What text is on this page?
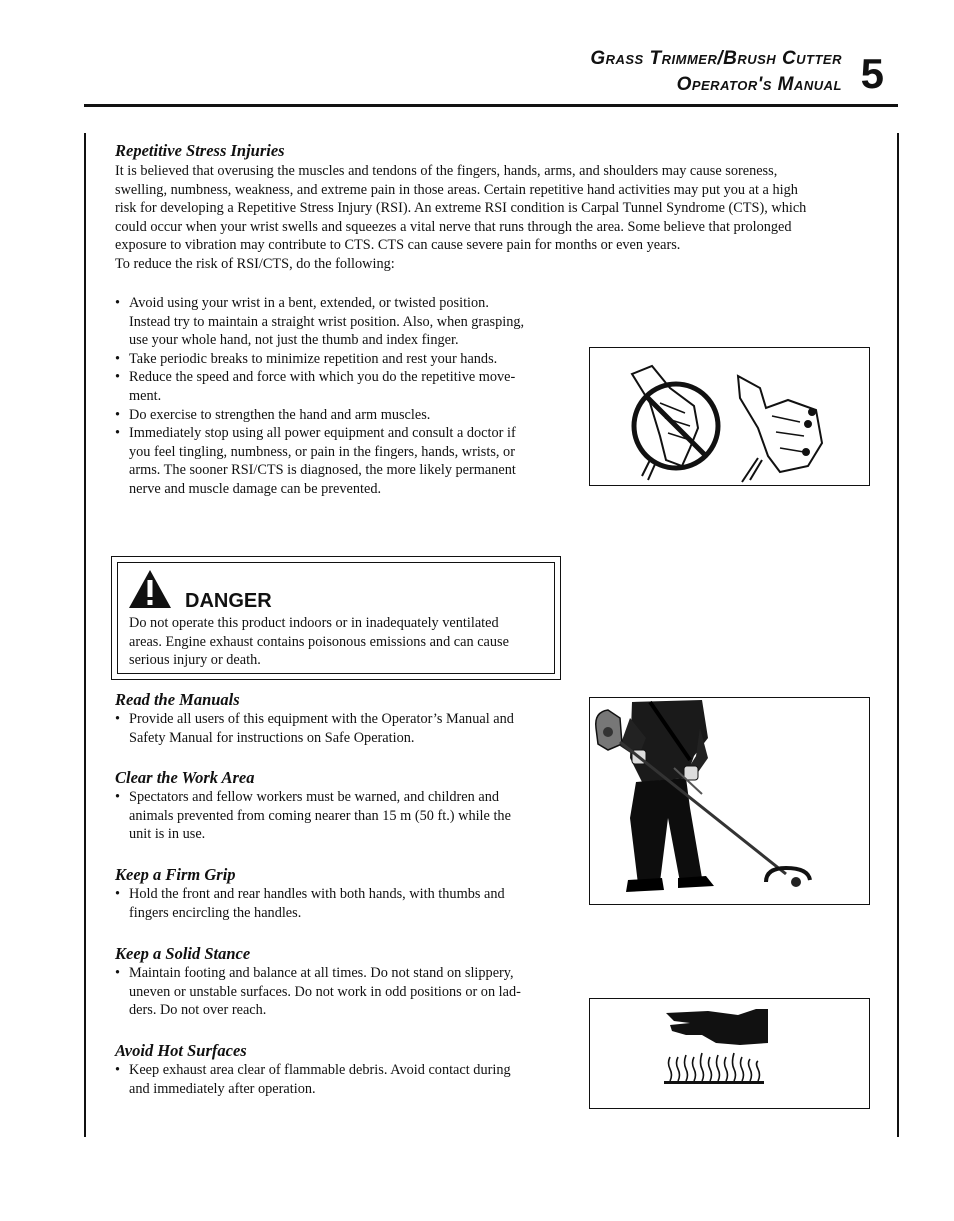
Grass Trimmer/Brush Cutter
Operator's Manual 5
Repetitive Stress Injuries
It is believed that overusing the muscles and tendons of the fingers, hands, arms, and shoulders may cause soreness,
swelling, numbness, weakness, and extreme pain in those areas. Certain repetitive hand activities may put you at a high
risk for developing a Repetitive Stress Injury (RSI). An extreme RSI condition is Carpal Tunnel Syndrome (CTS), which
could occur when your wrist swells and squeezes a vital nerve that runs through the area. Some believe that prolonged
exposure to vibration may contribute to CTS. CTS can cause severe pain for months or even years.
To reduce the risk of RSI/CTS, do the following:
• Avoid using your wrist in a bent, extended, or twisted position.
Instead try to maintain a straight wrist position. Also, when grasping,
use your whole hand, not just the thumb and index finger.
• Take periodic breaks to minimize repetition and rest your hands.
• Reduce the speed and force with which you do the repetitive move-
ment.
• Do exercise to strengthen the hand and arm muscles.
• Immediately stop using all power equipment and consult a doctor if
you feel tingling, numbness, or pain in the fingers, hands, wrists, or
arms. The sooner RSI/CTS is diagnosed, the more likely permanent
nerve and muscle damage can be prevented.
DANGER
Do not operate this product indoors or in inadequately ventilated
areas. Engine exhaust contains poisonous emissions and can cause
serious injury or death.
Read the Manuals
• Provide all users of this equipment with the Operator’s Manual and
Safety Manual for instructions on Safe Operation.
Clear the Work Area
• Spectators and fellow workers must be warned, and children and
animals prevented from coming nearer than 15 m (50 ft.) while the
unit is in use.
Keep a Firm Grip
• Hold the front and rear handles with both hands, with thumbs and
fingers encircling the handles.
Keep a Solid Stance
• Maintain footing and balance at all times. Do not stand on slippery,
uneven or unstable surfaces. Do not work in odd positions or on lad-
ders. Do not over reach.
Avoid Hot Surfaces
• Keep exhaust area clear of flammable debris. Avoid contact during
and immediately after operation.
